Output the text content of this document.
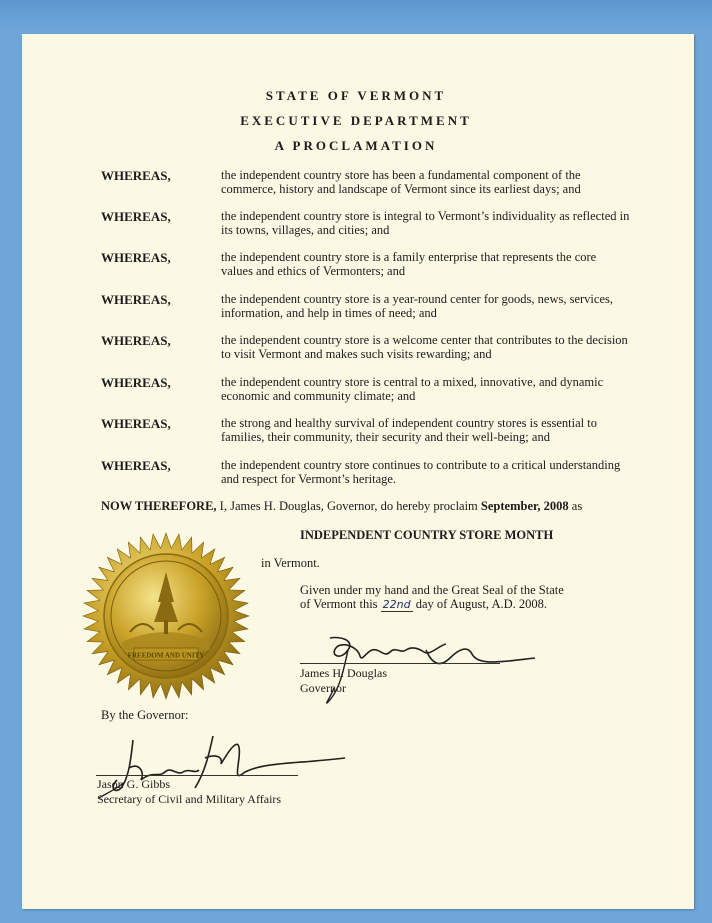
STATE OF VERMONT
EXECUTIVE DEPARTMENT
A PROCLAMATION
WHEREAS,	the independent country store has been a fundamental component of the commerce, history and landscape of Vermont since its earliest days; and
WHEREAS,	the independent country store is integral to Vermont’s individuality as reflected in its towns, villages, and cities; and
WHEREAS,	the independent country store is a family enterprise that represents the core values and ethics of Vermonters; and
WHEREAS,	the independent country store is a year-round center for goods, news, services, information, and help in times of need; and
WHEREAS,	the independent country store is a welcome center that contributes to the decision to visit Vermont and makes such visits rewarding; and
WHEREAS,	the independent country store is central to a mixed, innovative, and dynamic economic and community climate; and
WHEREAS,	the strong and healthy survival of independent country stores is essential to families, their community, their security and their well-being; and
WHEREAS,	the independent country store continues to contribute to a critical understanding and respect for Vermont’s heritage.
NOW THEREFORE, I, James H. Douglas, Governor, do hereby proclaim September, 2008 as
INDEPENDENT COUNTRY STORE MONTH
in Vermont.
Given under my hand and the Great Seal of the State
of Vermont this 22nd day of August, A.D. 2008.
FREEDOM AND UNITY
James H. Douglas
Governor
By the Governor:
Jason G. Gibbs
Secretary of Civil and Military Affairs
